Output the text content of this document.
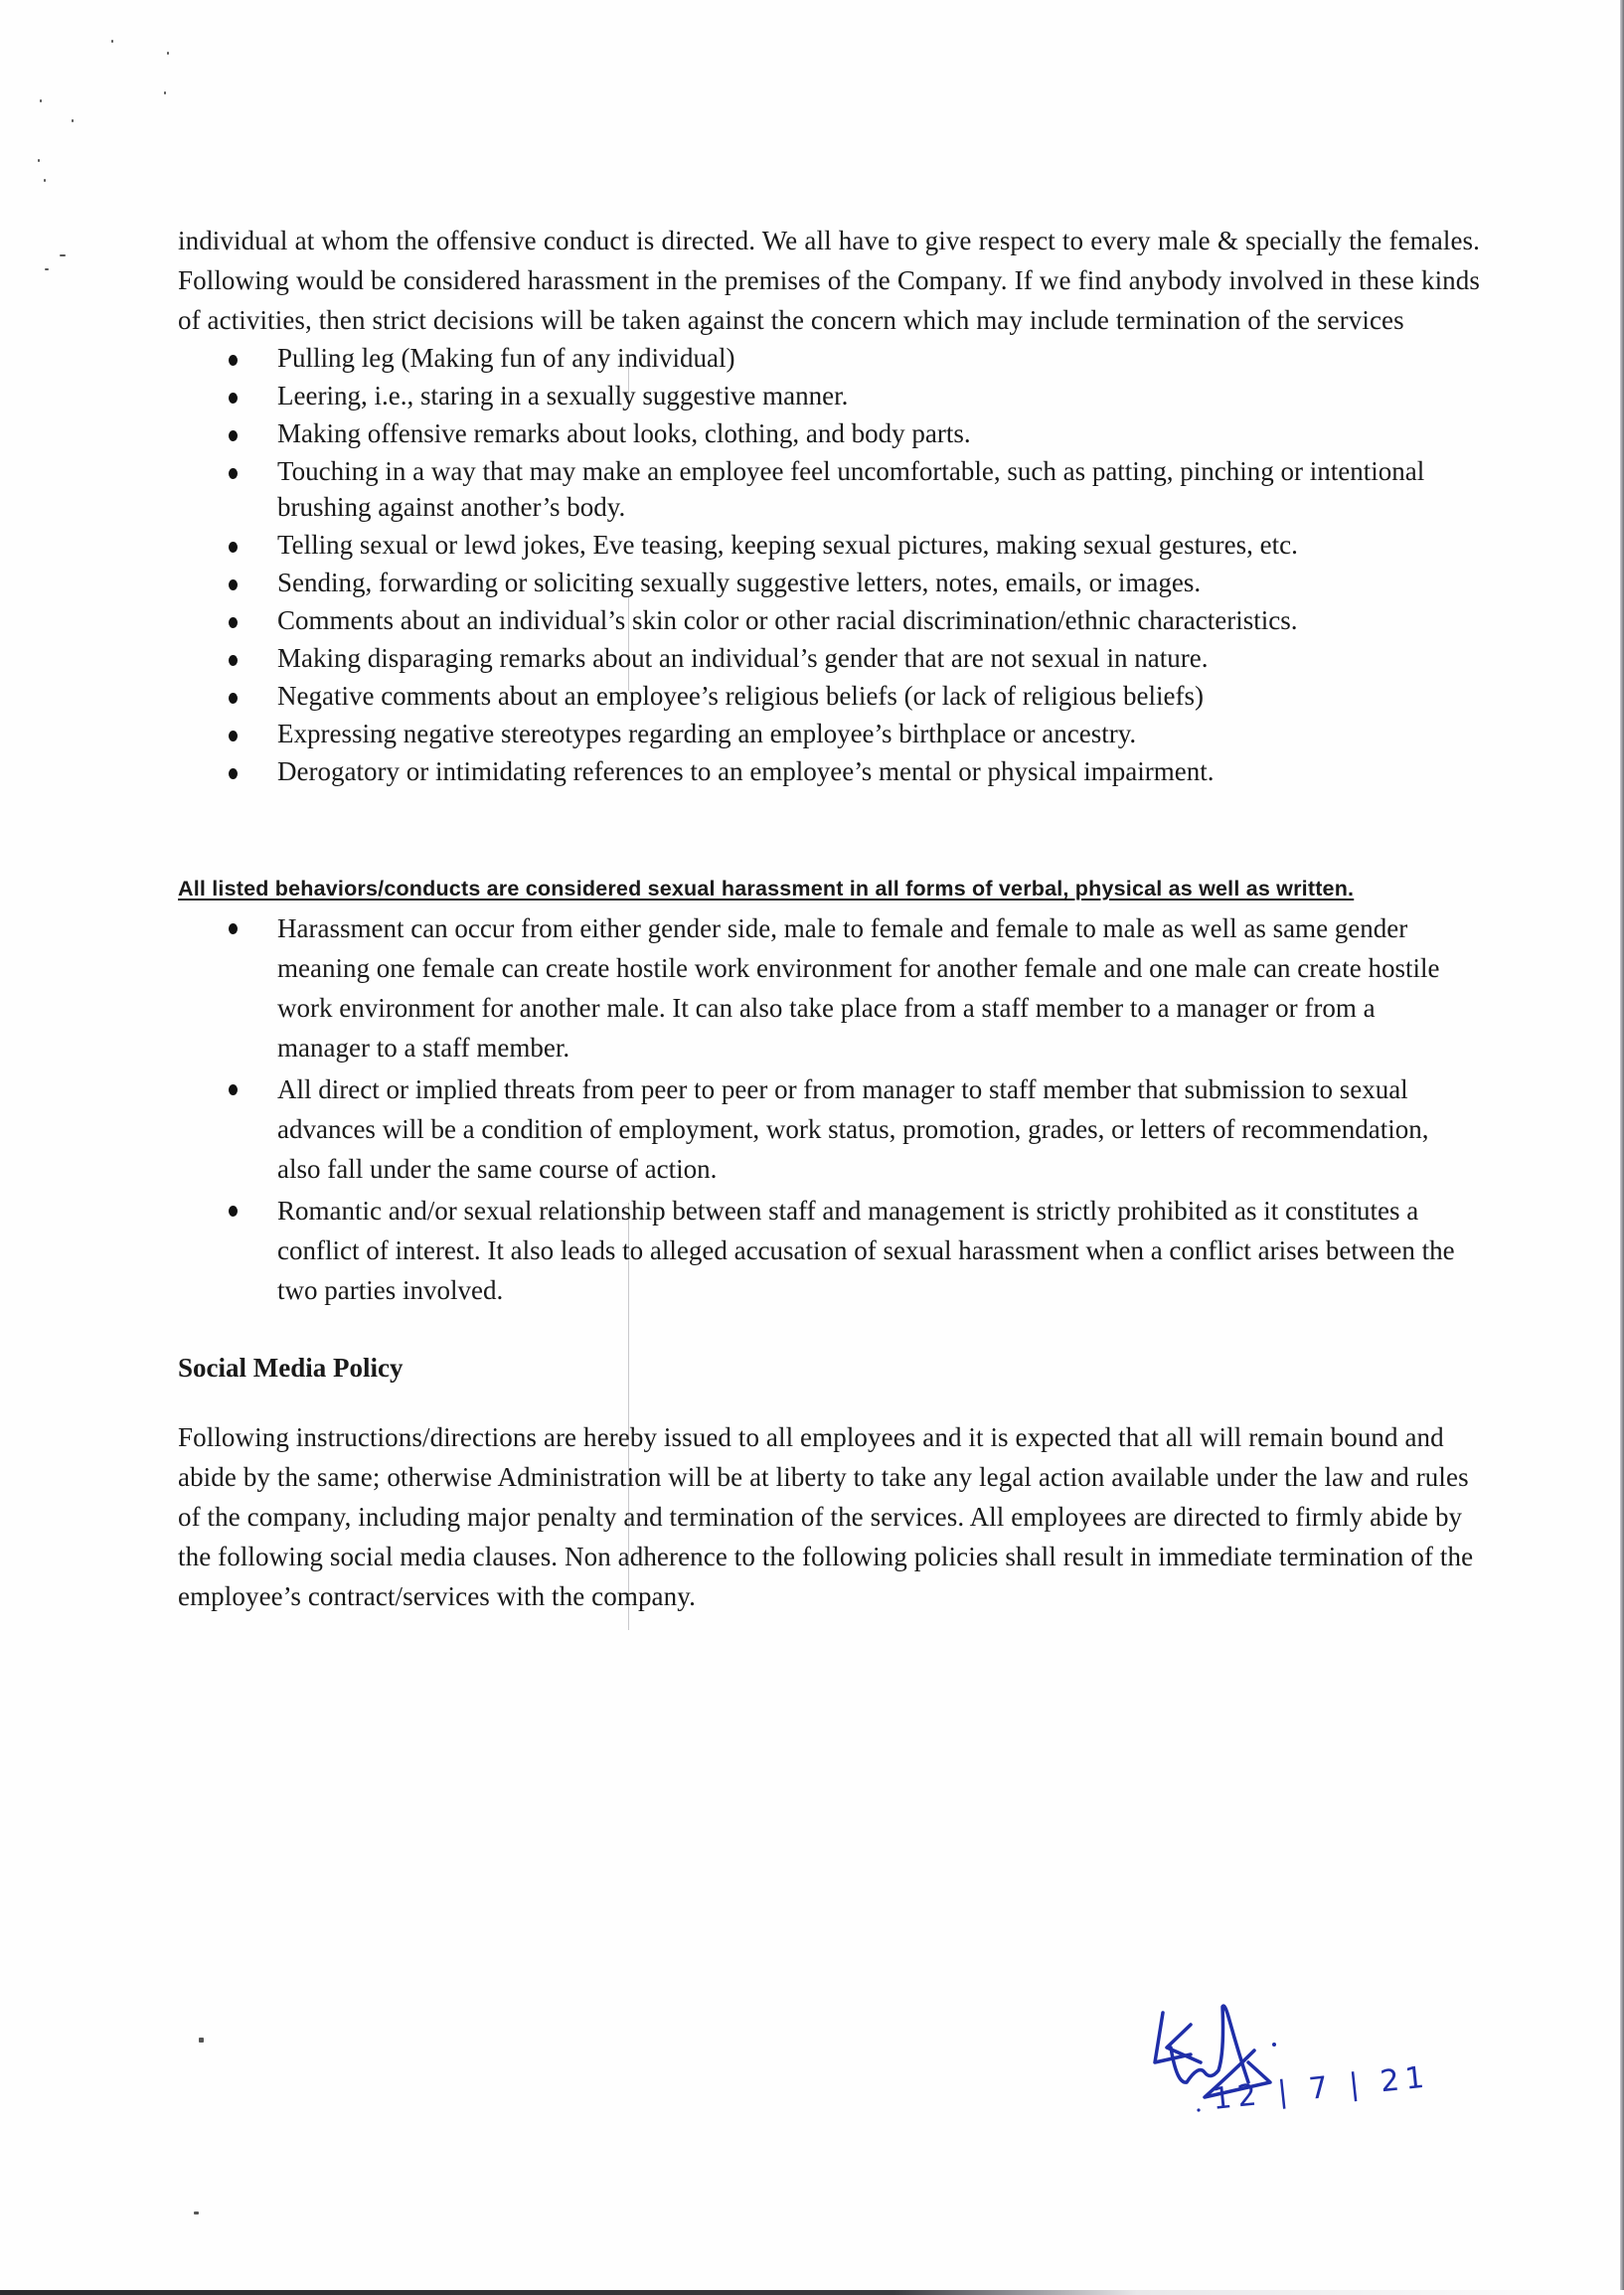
individual at whom the offensive conduct is directed. We all have to give respect to every male & specially the females. Following would be considered harassment in the premises of the Company. If we find anybody involved in these kinds of activities, then strict decisions will be taken against the concern which may include termination of the services

Pulling leg (Making fun of any individual)
Leering, i.e., staring in a sexually suggestive manner.
Making offensive remarks about looks, clothing, and body parts.
Touching in a way that may make an employee feel uncomfortable, such as patting, pinching or intentional brushing against another’s body.
Telling sexual or lewd jokes, Eve teasing, keeping sexual pictures, making sexual gestures, etc.
Sending, forwarding or soliciting sexually suggestive letters, notes, emails, or images.
Comments about an individual’s skin color or other racial discrimination/ethnic characteristics.
Making disparaging remarks about an individual’s gender that are not sexual in nature.
Negative comments about an employee’s religious beliefs (or lack of religious beliefs)
Expressing negative stereotypes regarding an employee’s birthplace or ancestry.
Derogatory or intimidating references to an employee’s mental or physical impairment.
All listed behaviors/conducts are considered sexual harassment in all forms of verbal, physical as well as written.
Harassment can occur from either gender side, male to female and female to male as well as same gender meaning one female can create hostile work environment for another female and one male can create hostile work environment for another male. It can also take place from a staff member to a manager or from a manager to a staff member.
All direct or implied threats from peer to peer or from manager to staff member that submission to sexual advances will be a condition of employment, work status, promotion, grades, or letters of recommendation, also fall under the same course of action.
Romantic and/or sexual relationship between staff and management is strictly prohibited as it constitutes a conflict of interest. It also leads to alleged accusation of sexual harassment when a conflict arises between the two parties involved.
Social Media Policy

Following instructions/directions are hereby issued to all employees and it is expected that all will remain bound and abide by the same; otherwise Administration will be at liberty to take any legal action available under the law and rules of the company, including major penalty and termination of the services. All employees are directed to firmly abide by the following social media clauses. Non adherence to the following policies shall result in immediate termination of the employee’s contract/services with the company.

12 | 7 | 21
